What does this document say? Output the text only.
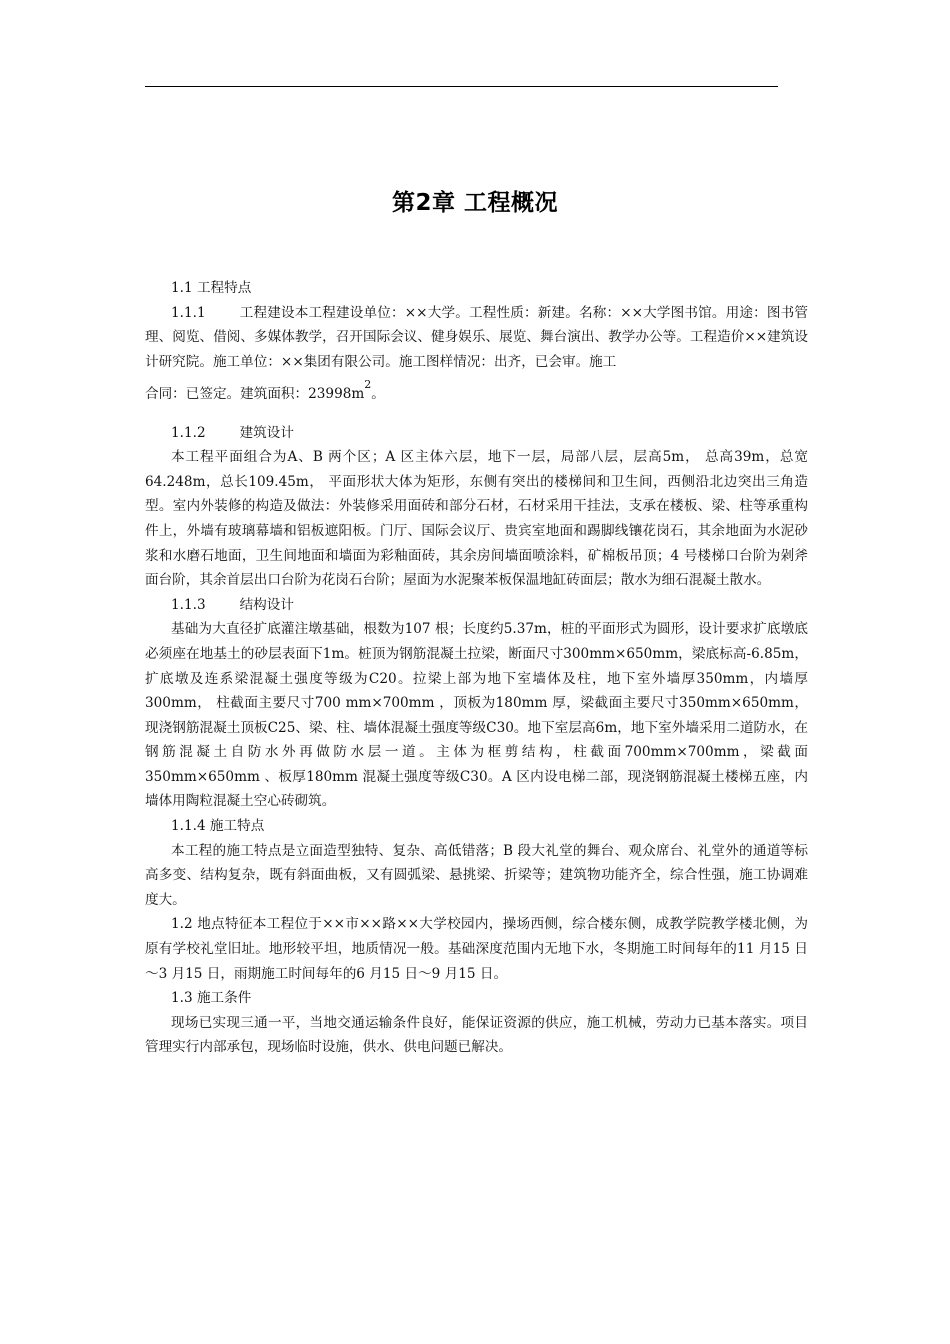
第2章 工程概况

1.1 工程特点

1.1.1	工程建设本工程建设单位：××大学。工程性质：新建。名称：××大学图书馆。用途：图书管理、阅览、借阅、多媒体教学，召开国际会议、健身娱乐、展览、舞台演出、教学办公等。工程造价××建筑设计研究院。施工单位：××集团有限公司。施工图样情况：出齐，已会审。施工

合同：已签定。建筑面积：$23998m^2$。

1.1.2	建筑设计

本工程平面组合为A、B 两个区；A 区主体六层，地下一层，局部八层，层高5m， 总高39m，总宽64.248m，总长109.45m， 平面形状大体为矩形，东侧有突出的楼梯间和卫生间，西侧沿北边突出三角造型。室内外装修的构造及做法：外装修采用面砖和部分石材，石材采用干挂法，支承在楼板、梁、柱等承重构件上，外墙有玻璃幕墙和铝板遮阳板。门厅、国际会议厅、贵宾室地面和踢脚线镶花岗石，其余地面为水泥砂浆和水磨石地面，卫生间地面和墙面为彩釉面砖，其余房间墙面喷涂料，矿棉板吊顶；4 号楼梯口台阶为剁斧面台阶，其余首层出口台阶为花岗石台阶；屋面为水泥聚苯板保温地缸砖面层；散水为细石混凝土散水。

1.1.3	结构设计

基础为大直径扩底灌注墩基础，根数为107 根；长度约5.37m，桩的平面形式为圆形，设计要求扩底墩底必须座在地基土的砂层表面下1m。桩顶为钢筋混凝土拉梁，断面尺寸300mm×650mm，梁底标高-6.85m，扩底墩及连系梁混凝土强度等级为C20。拉梁上部为地下室墙体及柱，地下室外墙厚350mm，内墙厚300mm， 柱截面主要尺寸700 mm×700mm ，顶板为180mm 厚，梁截面主要尺寸350mm×650mm， 现浇钢筋混凝土顶板C25、梁、柱、墙体混凝土强度等级C30。地下室层高6m，地下室外墙采用二道防水，在钢筋混凝土自防水外再做防水层一道。主体为框剪结构，柱截面700mm×700mm，梁截面350mm×650mm 、板厚180mm 混凝土强度等级C30。A 区内设电梯二部，现浇钢筋混凝土楼梯五座，内墙体用陶粒混凝土空心砖砌筑。

1.1.4 施工特点

本工程的施工特点是立面造型独特、复杂、高低错落；B 段大礼堂的舞台、观众席台、礼堂外的通道等标高多变、结构复杂，既有斜面曲板，又有圆弧梁、悬挑梁、折梁等；建筑物功能齐全，综合性强，施工协调难度大。

1.2 地点特征本工程位于××市××路××大学校园内，操场西侧，综合楼东侧，成教学院教学楼北侧，为原有学校礼堂旧址。地形较平坦，地质情况一般。基础深度范围内无地下水，冬期施工时间每年的11 月15 日～3 月15 日，雨期施工时间每年的6 月15 日～9 月15 日。

1.3 施工条件

现场已实现三通一平，当地交通运输条件良好，能保证资源的供应，施工机械，劳动力已基本落实。项目管理实行内部承包，现场临时设施，供水、供电问题已解决。
